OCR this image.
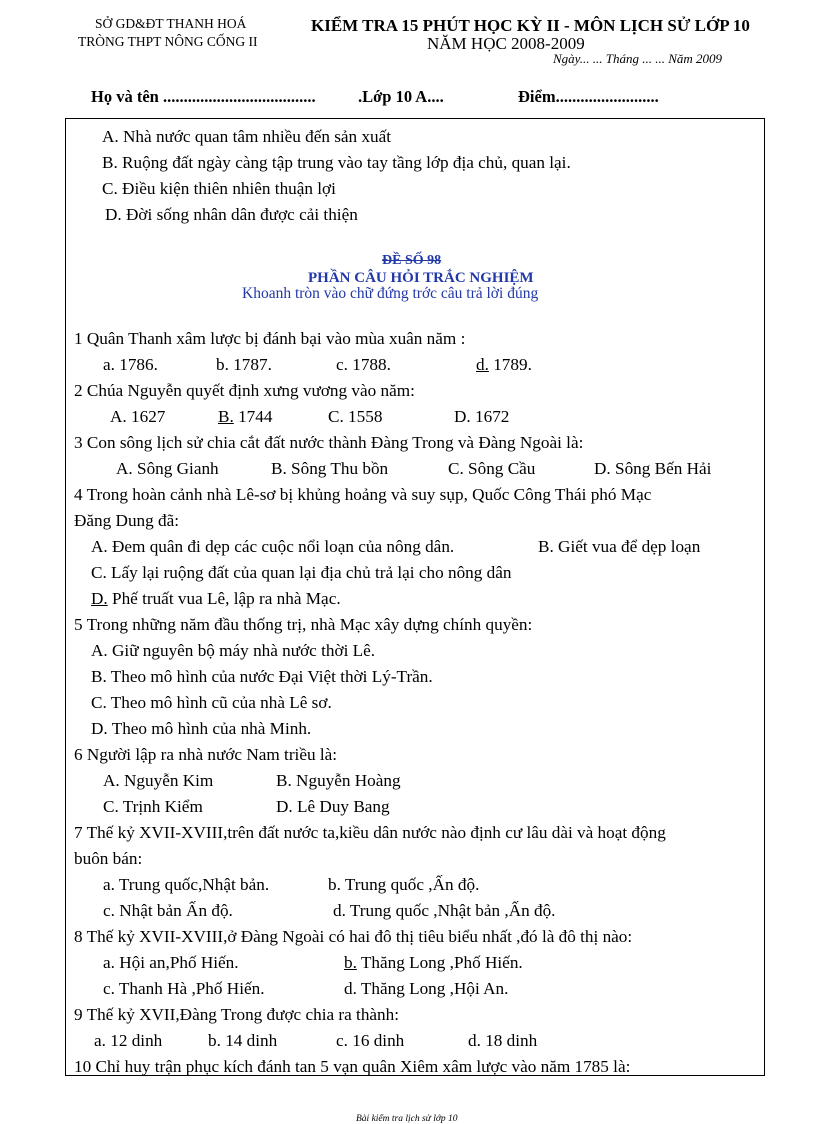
SỞ GD&ĐT THANH HOÁ
TRÒNG THPT NÔNG CỐNG II
KIỂM TRA 15 PHÚT HỌC KỲ II - MÔN LỊCH SỬ LỚP 10
NĂM HỌC 2008-2009
Ngày... ... Tháng ... ... Năm 2009
Họ và tên .....................................	.Lớp 10 A....	Điểm.........................
A. Nhà nước quan tâm nhiều đến sản xuất
B. Ruộng đất ngày càng tập trung vào tay tầng lớp địa chủ, quan lại.
C. Điều kiện thiên nhiên thuận lợi
D. Đời sống nhân dân được cải thiện
ĐỀ SỐ 98
PHẦN CÂU HỎI TRẮC NGHIỆM
Khoanh tròn vào chữ đứng trớc câu trả lời đúng
1 Quân Thanh xâm lược bị đánh bại vào mùa xuân năm :
a. 1786.	b. 1787.	c. 1788.	d. 1789.
2 Chúa Nguyễn quyết định xưng vương vào năm:
A. 1627	B. 1744	C. 1558	D. 1672
3 Con sông lịch sử chia cắt đất nước thành Đàng Trong và Đàng Ngoài là:
A. Sông Gianh	B. Sông Thu bồn	C. Sông Cầu	D. Sông Bến Hải
4 Trong hoàn cảnh nhà Lê-sơ bị khủng hoảng và suy sụp, Quốc Công Thái phó Mạc
Đăng Dung đã:
A. Đem quân đi dẹp các cuộc nổi loạn của nông dân.	B. Giết vua để dẹp loạn
C. Lấy lại ruộng đất của quan lại địa chủ trả lại cho nông dân
D. Phế truất vua Lê, lập ra nhà Mạc.
5 Trong những năm đầu thống trị, nhà Mạc xây dựng chính quyền:
A. Giữ nguyên bộ máy nhà nước thời Lê.
B. Theo mô hình của nước Đại Việt thời Lý-Trần.
C. Theo mô hình cũ của nhà Lê sơ.
D. Theo mô hình của nhà Minh.
6 Người lập ra nhà nước Nam triều là:
A. Nguyễn Kim	B. Nguyễn Hoàng
C. Trịnh Kiểm	D. Lê Duy Bang
7 Thế kỷ XVII-XVIII,trên đất nước ta,kiều dân nước nào định cư lâu dài và hoạt động
buôn bán:
a. Trung quốc,Nhật bản.	b. Trung quốc ,Ấn độ.
c. Nhật bản Ấn độ.	d. Trung quốc ,Nhật bản ,Ấn độ.
8 Thế kỷ XVII-XVIII,ở Đàng Ngoài có hai đô thị tiêu biểu nhất ,đó là đô thị nào:
a. Hội an,Phố Hiến.	b. Thăng Long ,Phố Hiến.
c. Thanh Hà ,Phố Hiến.	d. Thăng Long ,Hội An.
9 Thế kỷ XVII,Đàng Trong được chia ra thành:
a. 12 dinh	b. 14 dinh	c. 16 dinh	d. 18 dinh
10 Chỉ huy trận phục kích đánh tan 5 vạn quân Xiêm xâm lược vào năm 1785 là:
Bài kiểm tra lịch sử lớp 10
